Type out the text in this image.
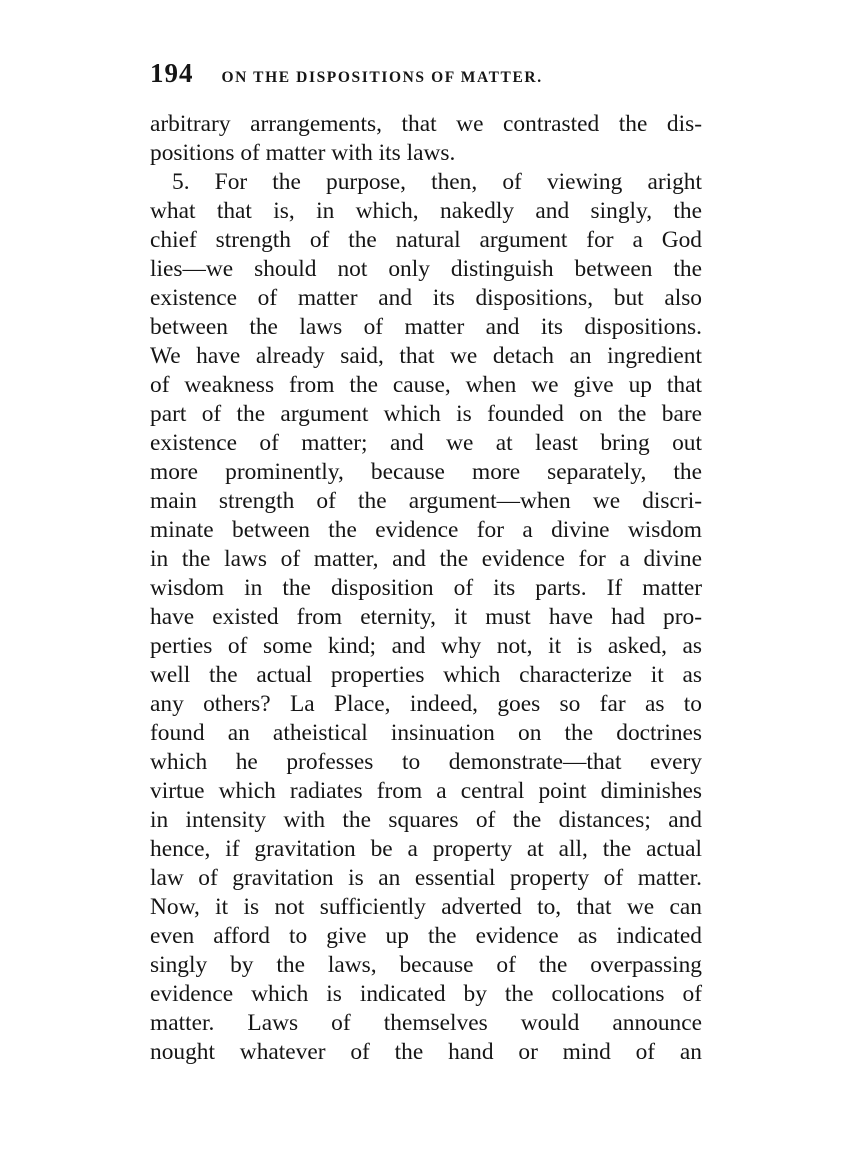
194 ON THE DISPOSITIONS OF MATTER.
arbitrary arrangements, that we contrasted the dis-
positions of matter with its laws.
5. For the purpose, then, of viewing aright
what that is, in which, nakedly and singly, the
chief strength of the natural argument for a God
lies—we should not only distinguish between the
existence of matter and its dispositions, but also
between the laws of matter and its dispositions.
We have already said, that we detach an ingredient
of weakness from the cause, when we give up that
part of the argument which is founded on the bare
existence of matter; and we at least bring out
more prominently, because more separately, the
main strength of the argument—when we discri-
minate between the evidence for a divine wisdom
in the laws of matter, and the evidence for a divine
wisdom in the disposition of its parts. If matter
have existed from eternity, it must have had pro-
perties of some kind; and why not, it is asked, as
well the actual properties which characterize it as
any others? La Place, indeed, goes so far as to
found an atheistical insinuation on the doctrines
which he professes to demonstrate—that every
virtue which radiates from a central point diminishes
in intensity with the squares of the distances; and
hence, if gravitation be a property at all, the actual
law of gravitation is an essential property of matter.
Now, it is not sufficiently adverted to, that we can
even afford to give up the evidence as indicated
singly by the laws, because of the overpassing
evidence which is indicated by the collocations of
matter. Laws of themselves would announce
nought whatever of the hand or mind of an
